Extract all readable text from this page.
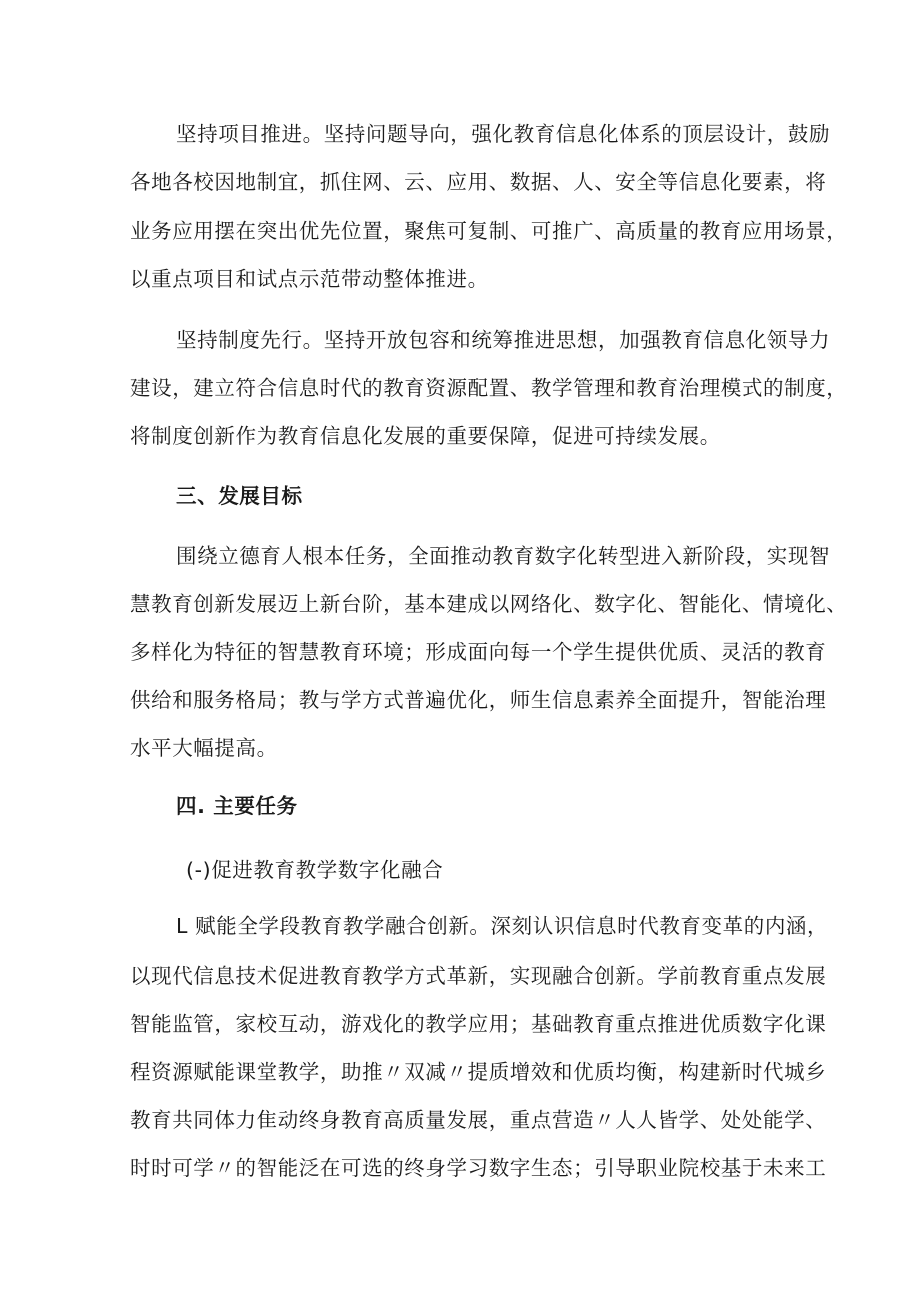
坚持项目推进。坚持问题导向，强化教育信息化体系的顶层设计，鼓励
各地各校因地制宜，抓住网、云、应用、数据、人、安全等信息化要素，将
业务应用摆在突出优先位置，聚焦可复制、可推广、高质量的教育应用场景，
以重点项目和试点示范带动整体推进。
坚持制度先行。坚持开放包容和统筹推进思想，加强教育信息化领导力
建设，建立符合信息时代的教育资源配置、教学管理和教育治理模式的制度，
将制度创新作为教育信息化发展的重要保障，促进可持续发展。
三、发展目标
围绕立德育人根本任务，全面推动教育数字化转型进入新阶段，实现智
慧教育创新发展迈上新台阶，基本建成以网络化、数字化、智能化、情境化、
多样化为特征的智慧教育环境；形成面向每一个学生提供优质、灵活的教育
供给和服务格局；教与学方式普遍优化，师生信息素养全面提升，智能治理
水平大幅提高。
四. 主要任务
(-)促进教育教学数字化融合
L 赋能全学段教育教学融合创新。深刻认识信息时代教育变革的内涵，
以现代信息技术促进教育教学方式革新，实现融合创新。学前教育重点发展
智能监管，家校互动，游戏化的教学应用；基础教育重点推进优质数字化课
程资源赋能课堂教学，助推〃双减〃提质增效和优质均衡，构建新时代城乡
教育共同体力隹动终身教育高质量发展，重点营造〃人人皆学、处处能学、
时时可学〃的智能泛在可选的终身学习数字生态；引导职业院校基于未来工
